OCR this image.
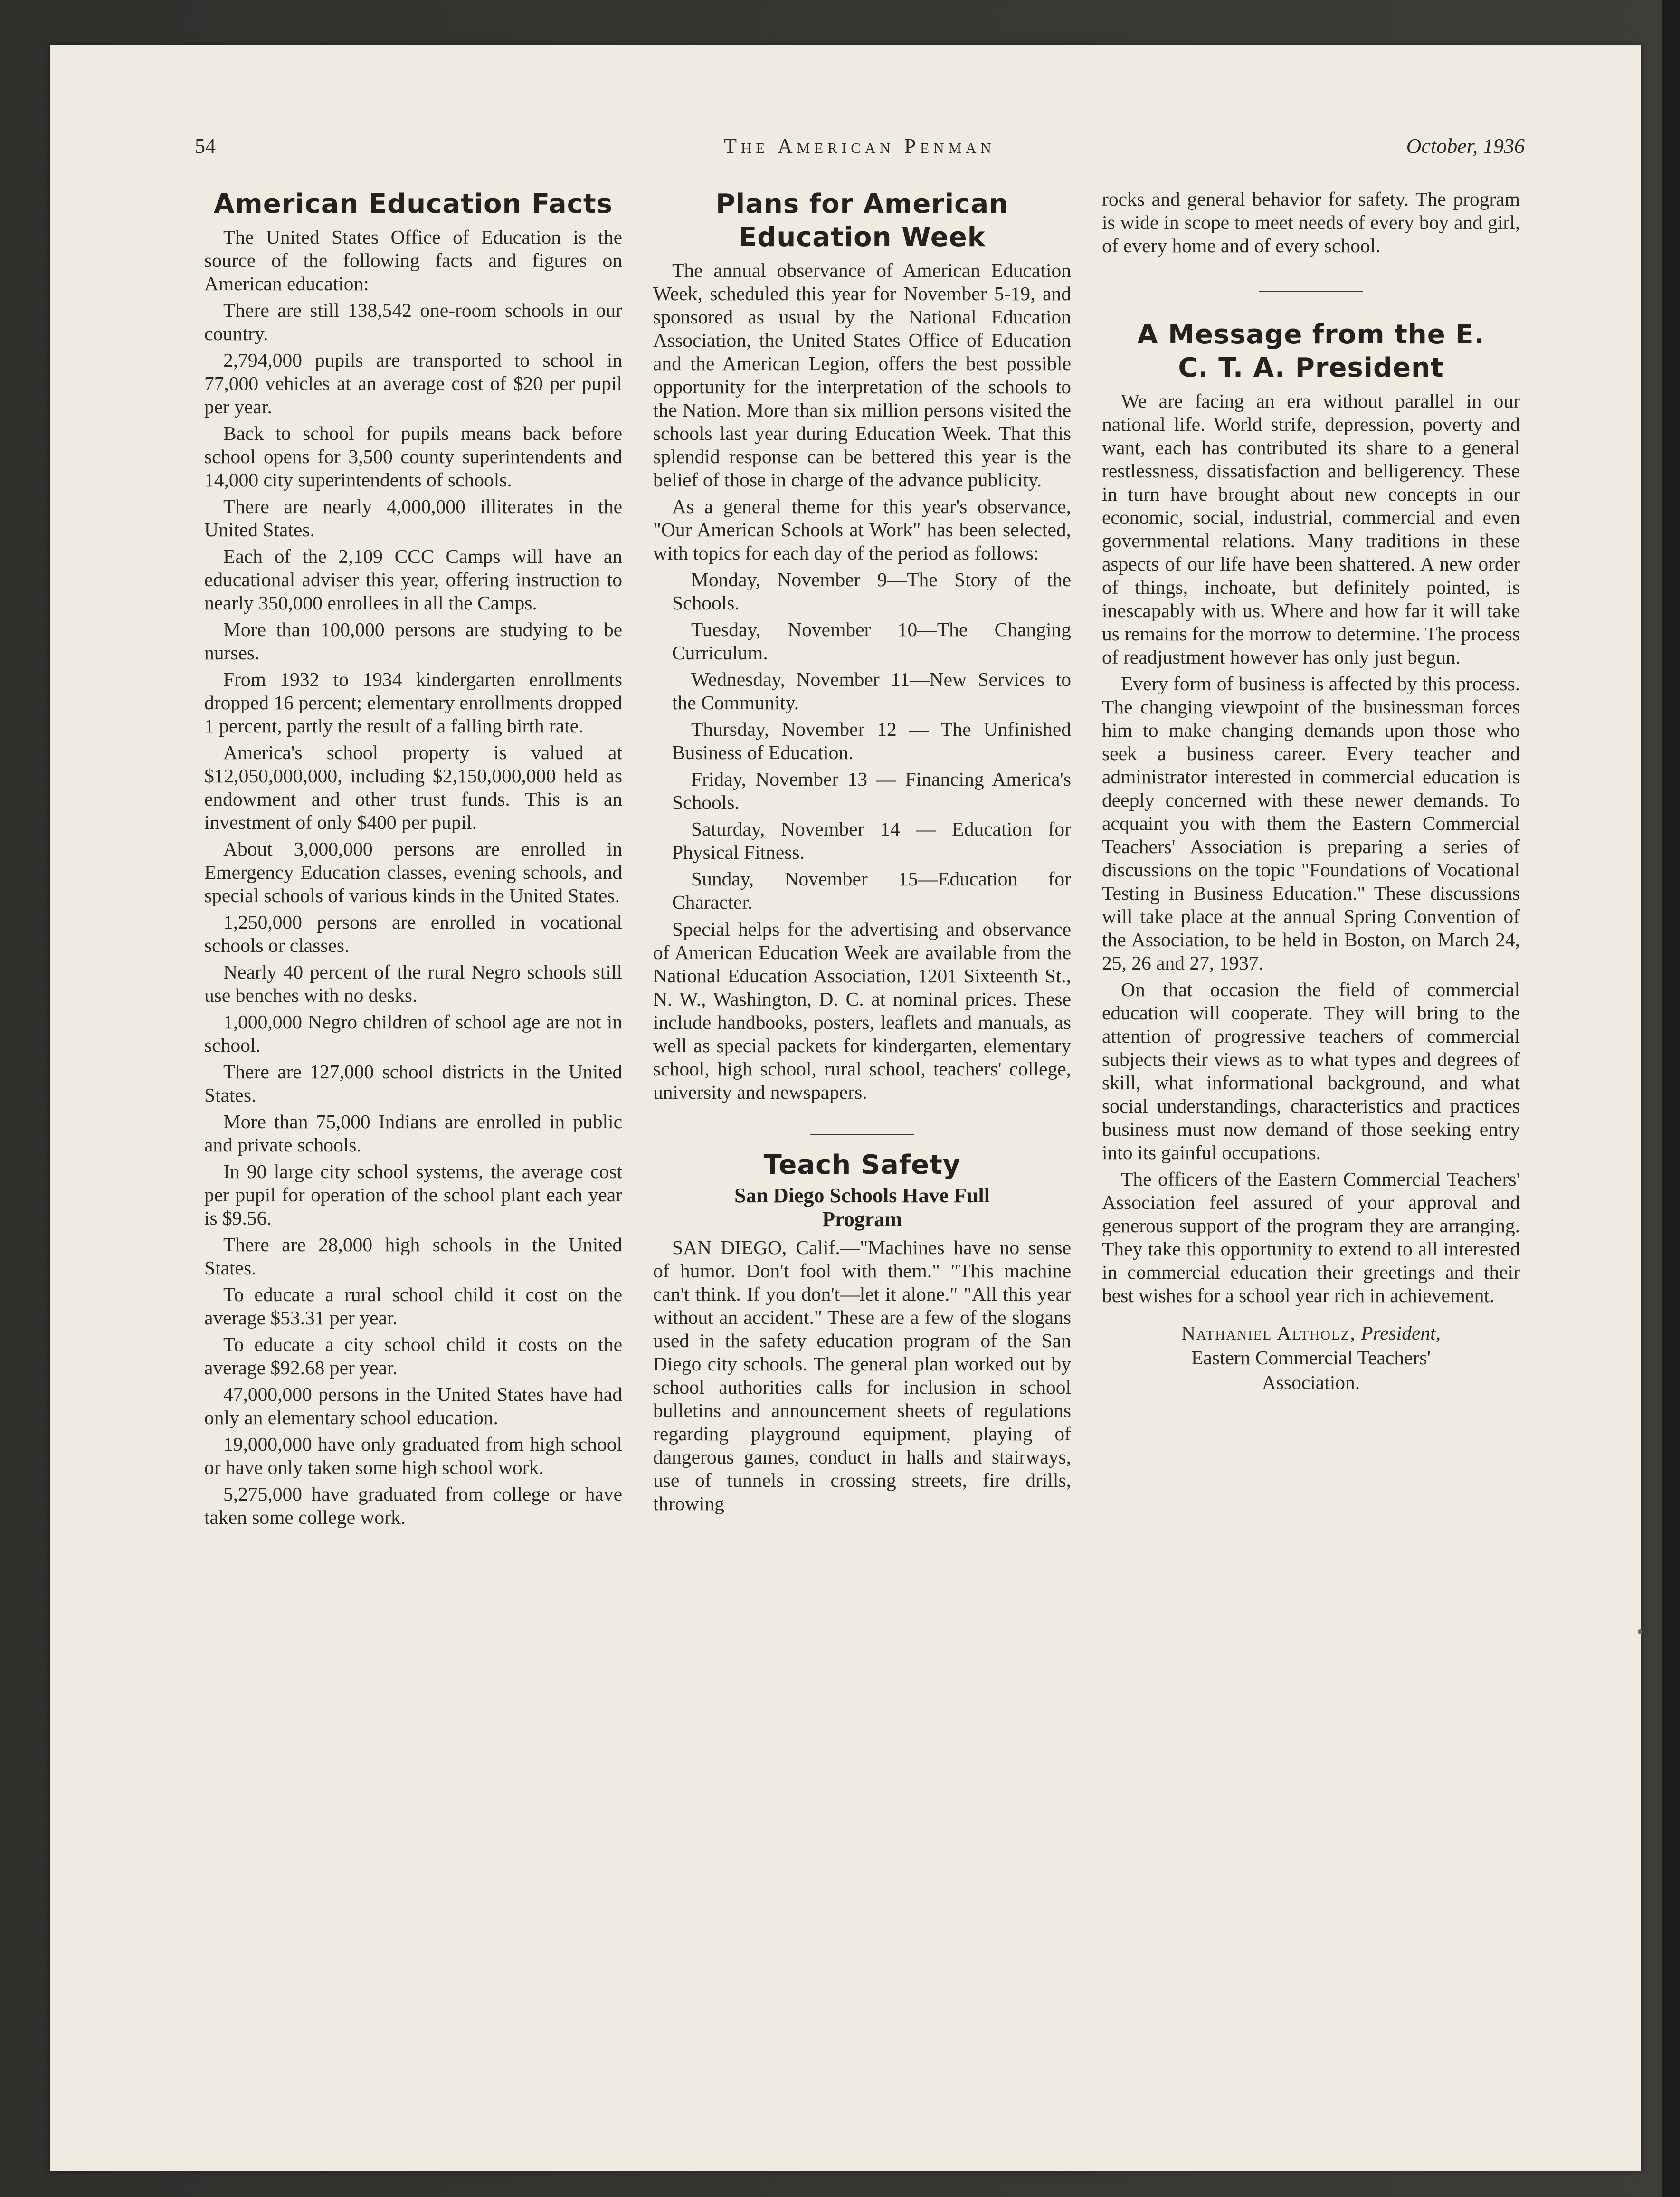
54	The American Penman	October, 1936
American Education Facts

The United States Office of Education is the source of the following facts and figures on American education:

There are still 138,542 one-room schools in our country.

2,794,000 pupils are transported to school in 77,000 vehicles at an average cost of $20 per pupil per year.

Back to school for pupils means back before school opens for 3,500 county superintendents and 14,000 city superintendents of schools.

There are nearly 4,000,000 illiterates in the United States.

Each of the 2,109 CCC Camps will have an educational adviser this year, offering instruction to nearly 350,000 enrollees in all the Camps.

More than 100,000 persons are studying to be nurses.

From 1932 to 1934 kindergarten enrollments dropped 16 percent; elementary enrollments dropped 1 percent, partly the result of a falling birth rate.

America's school property is valued at $12,050,000,000, including $2,150,000,000 held as endowment and other trust funds. This is an investment of only $400 per pupil.

About 3,000,000 persons are enrolled in Emergency Education classes, evening schools, and special schools of various kinds in the United States.

1,250,000 persons are enrolled in vocational schools or classes.

Nearly 40 percent of the rural Negro schools still use benches with no desks.

1,000,000 Negro children of school age are not in school.

There are 127,000 school districts in the United States.

More than 75,000 Indians are enrolled in public and private schools.

In 90 large city school systems, the average cost per pupil for operation of the school plant each year is $9.56.

There are 28,000 high schools in the United States.

To educate a rural school child it cost on the average $53.31 per year.

To educate a city school child it costs on the average $92.68 per year.

47,000,000 persons in the United States have had only an elementary school education.

19,000,000 have only graduated from high school or have only taken some high school work.

5,275,000 have graduated from college or have taken some college work.

Plans for American Education Week

The annual observance of American Education Week, scheduled this year for November 5-19, and sponsored as usual by the National Education Association, the United States Office of Education and the American Legion, offers the best possible opportunity for the interpretation of the schools to the Nation. More than six million persons visited the schools last year during Education Week. That this splendid response can be bettered this year is the belief of those in charge of the advance publicity.

As a general theme for this year's observance, "Our American Schools at Work" has been selected, with topics for each day of the period as follows:

Monday, November 9—The Story of the Schools.

Tuesday, November 10—The Changing Curriculum.

Wednesday, November 11—New Services to the Community.

Thursday, November 12 — The Unfinished Business of Education.

Friday, November 13 — Financing America's Schools.

Saturday, November 14 — Education for Physical Fitness.

Sunday, November 15—Education for Character.

Special helps for the advertising and observance of American Education Week are available from the National Education Association, 1201 Sixteenth St., N. W., Washington, D. C. at nominal prices. These include handbooks, posters, leaflets and manuals, as well as special packets for kindergarten, elementary school, high school, rural school, teachers' college, university and newspapers.

Teach Safety
San Diego Schools Have Full Program

SAN DIEGO, Calif.—"Machines have no sense of humor. Don't fool with them." "This machine can't think. If you don't—let it alone." "All this year without an accident." These are a few of the slogans used in the safety education program of the San Diego city schools. The general plan worked out by school authorities calls for inclusion in school bulletins and announcement sheets of regulations regarding playground equipment, playing of dangerous games, conduct in halls and stairways, use of tunnels in crossing streets, fire drills, throwing

rocks and general behavior for safety. The program is wide in scope to meet needs of every boy and girl, of every home and of every school.

A Message from the E. C. T. A. President

We are facing an era without parallel in our national life. World strife, depression, poverty and want, each has contributed its share to a general restlessness, dissatisfaction and belligerency. These in turn have brought about new concepts in our economic, social, industrial, commercial and even governmental relations. Many traditions in these aspects of our life have been shattered. A new order of things, inchoate, but definitely pointed, is inescapably with us. Where and how far it will take us remains for the morrow to determine. The process of readjustment however has only just begun.

Every form of business is affected by this process. The changing viewpoint of the businessman forces him to make changing demands upon those who seek a business career. Every teacher and administrator interested in commercial education is deeply concerned with these newer demands. To acquaint you with them the Eastern Commercial Teachers' Association is preparing a series of discussions on the topic "Foundations of Vocational Testing in Business Education." These discussions will take place at the annual Spring Convention of the Association, to be held in Boston, on March 24, 25, 26 and 27, 1937.

On that occasion the field of commercial education will cooperate. They will bring to the attention of progressive teachers of commercial subjects their views as to what types and degrees of skill, what informational background, and what social understandings, characteristics and practices business must now demand of those seeking entry into its gainful occupations.

The officers of the Eastern Commercial Teachers' Association feel assured of your approval and generous support of the program they are arranging. They take this opportunity to extend to all interested in commercial education their greetings and their best wishes for a school year rich in achievement.

Nathaniel Altholz, President,
Eastern Commercial Teachers'
Association.
